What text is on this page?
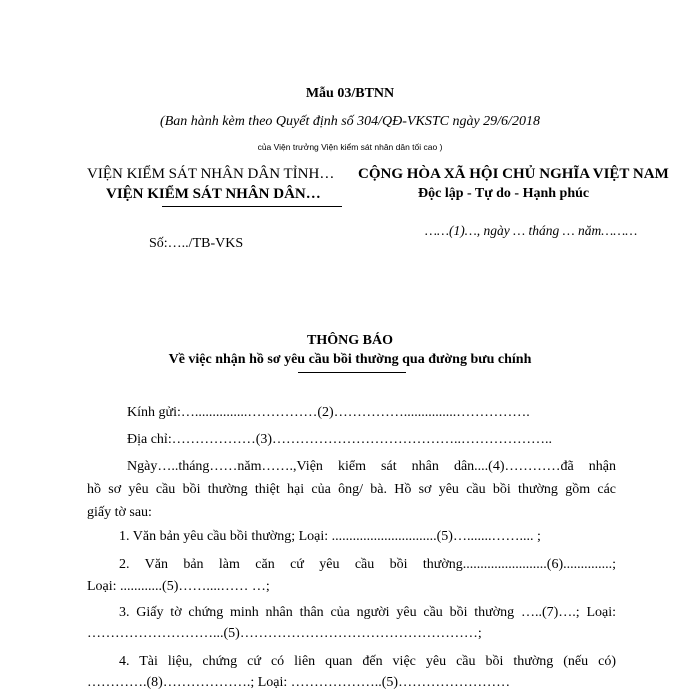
Mẫu 03/BTNN
(Ban hành kèm theo Quyết định số 304/QĐ-VKSTC ngày 29/6/2018
của Viện trưởng Viện kiểm sát nhân dân tối cao )
VIỆN KIỂM SÁT NHÂN DÂN TỈNH…
VIỆN KIỂM SÁT NHÂN DÂN…
CỘNG HÒA XÃ HỘI CHỦ NGHĨA VIỆT NAM
Độc lập - Tự do - Hạnh phúc
……(1)…, ngày … tháng … năm………
Số:…../TB-VKS
THÔNG BÁO
Về việc nhận hồ sơ yêu cầu bồi thường qua đường bưu chính
Kính gửi:…...............……………(2)……………...............…………….
Địa chỉ:………………(3)…………………………………..………………..
Ngày…..tháng……năm…….,Viện kiểm sát nhân dân....(4)…………đã nhận
hồ sơ yêu cầu bồi thường thiệt hại của ông/ bà. Hồ sơ yêu cầu bồi thường gồm các
giấy tờ sau:
1. Văn bản yêu cầu bồi thường; Loại: ..............................(5)….......…….... ;
2. Văn bản làm căn cứ yêu cầu bồi thường........................(6)..............;
Loại: ............(5)……....…… …;
3. Giấy tờ chứng minh nhân thân của người yêu cầu bồi thường …..(7)….; Loại:
………………………...(5)……………………………………………;
4. Tài liệu, chứng cứ có liên quan đến việc yêu cầu bồi thường (nếu có)
………….(8)……………….; Loại: ………………..(5)……………………
